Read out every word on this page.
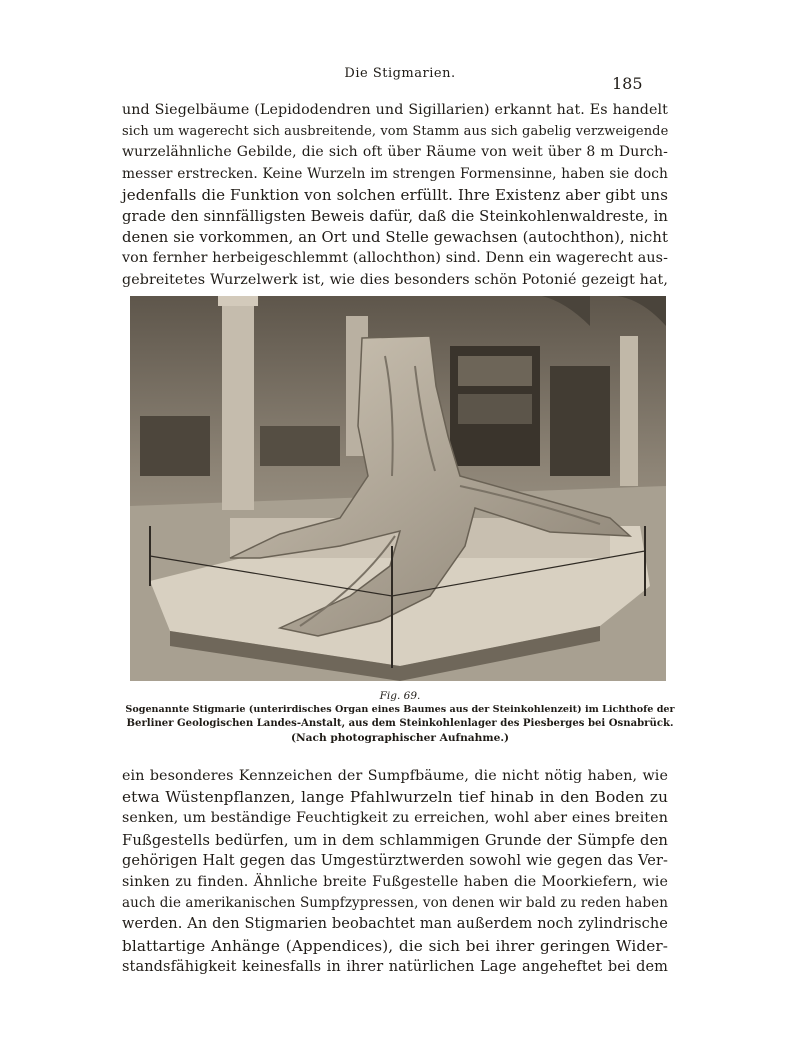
Die Stigmarien.
185
und Siegelbäume (Lepidodendren und Sigillarien) erkannt hat. Es handelt
sich um wagerecht sich ausbreitende, vom Stamm aus sich gabelig verzweigende
wurzelähnliche Gebilde, die sich oft über Räume von weit über 8 m Durch-
messer erstrecken. Keine Wurzeln im strengen Formensinne, haben sie doch
jedenfalls die Funktion von solchen erfüllt. Ihre Existenz aber gibt uns
grade den sinnfälligsten Beweis dafür, daß die Steinkohlenwaldreste, in
denen sie vorkommen, an Ort und Stelle gewachsen (autochthon), nicht
von fernher herbeigeschlemmt (allochthon) sind. Denn ein wagerecht aus-
gebreitetes Wurzelwerk ist, wie dies besonders schön Potonié gezeigt hat,
Fig. 69.
Sogenannte Stigmarie (unterirdisches Organ eines Baumes aus der Steinkohlenzeit) im Lichthofe der
Berliner Geologischen Landes-Anstalt, aus dem Steinkohlenlager des Piesberges bei Osnabrück.
(Nach photographischer Aufnahme.)
ein besonderes Kennzeichen der Sumpfbäume, die nicht nötig haben, wie
etwa Wüstenpflanzen, lange Pfahlwurzeln tief hinab in den Boden zu
senken, um beständige Feuchtigkeit zu erreichen, wohl aber eines breiten
Fußgestells bedürfen, um in dem schlammigen Grunde der Sümpfe den
gehörigen Halt gegen das Umgestürztwerden sowohl wie gegen das Ver-
sinken zu finden. Ähnliche breite Fußgestelle haben die Moorkiefern, wie
auch die amerikanischen Sumpfzypressen, von denen wir bald zu reden haben
werden. An den Stigmarien beobachtet man außerdem noch zylindrische
blattartige Anhänge (Appendices), die sich bei ihrer geringen Wider-
standsfähigkeit keinesfalls in ihrer natürlichen Lage angeheftet bei dem
